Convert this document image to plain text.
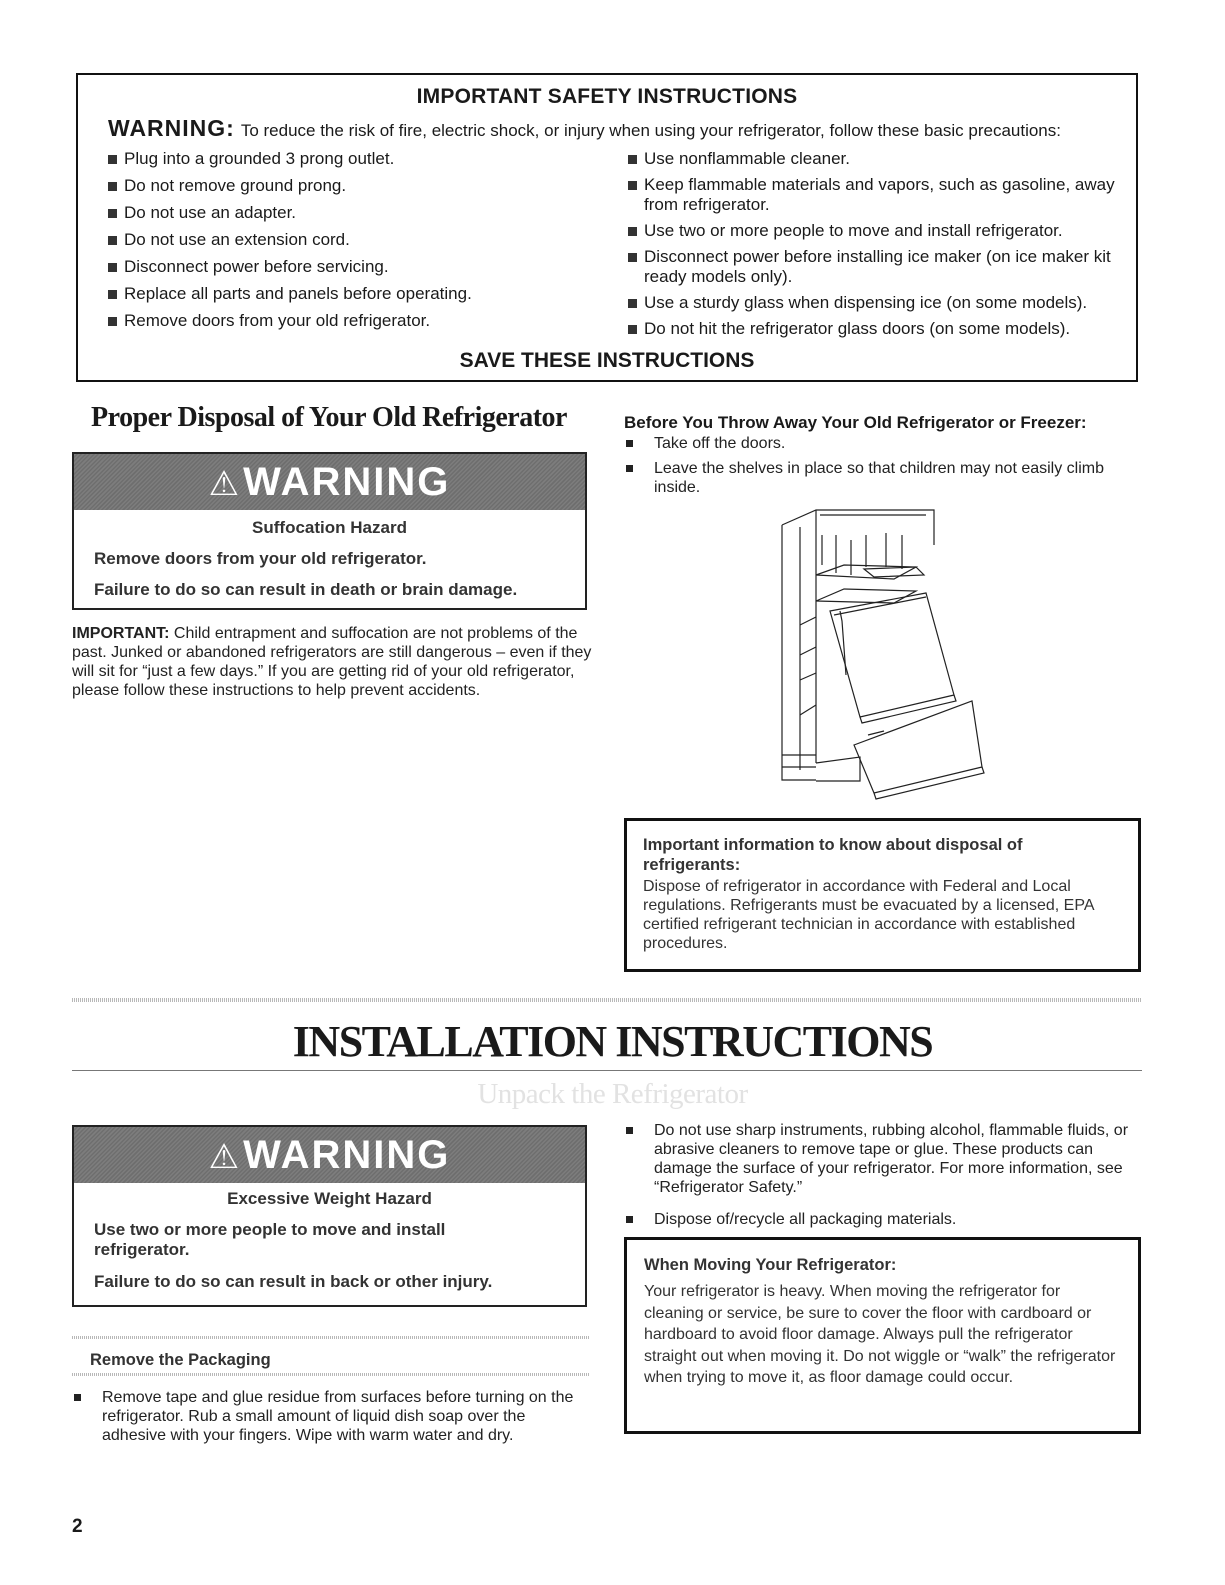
IMPORTANT SAFETY INSTRUCTIONS
WARNING: To reduce the risk of fire, electric shock, or injury when using your refrigerator, follow these basic precautions:
Plug into a grounded 3 prong outlet.
Do not remove ground prong.
Do not use an adapter.
Do not use an extension cord.
Disconnect power before servicing.
Replace all parts and panels before operating.
Remove doors from your old refrigerator.
Use nonflammable cleaner.
Keep flammable materials and vapors, such as gasoline, away from refrigerator.
Use two or more people to move and install refrigerator.
Disconnect power before installing ice maker (on ice maker kit ready models only).
Use a sturdy glass when dispensing ice (on some models).
Do not hit the refrigerator glass doors (on some models).
SAVE THESE INSTRUCTIONS
Proper Disposal of Your Old Refrigerator
⚠WARNING
Suffocation Hazard
Remove doors from your old refrigerator.
Failure to do so can result in death or brain damage.
IMPORTANT: Child entrapment and suffocation are not problems of the past. Junked or abandoned refrigerators are still dangerous – even if they will sit for “just a few days.” If you are getting rid of your old refrigerator, please follow these instructions to help prevent accidents.
Before You Throw Away Your Old Refrigerator or Freezer:
Take off the doors.
Leave the shelves in place so that children may not easily climb inside.
Important information to know about disposal of refrigerants:
Dispose of refrigerator in accordance with Federal and Local regulations. Refrigerants must be evacuated by a licensed, EPA certified refrigerant technician in accordance with established procedures.
INSTALLATION INSTRUCTIONS
Unpack the Refrigerator
⚠WARNING
Excessive Weight Hazard
Use two or more people to move and install refrigerator.
Failure to do so can result in back or other injury.
Remove the Packaging
Remove tape and glue residue from surfaces before turning on the refrigerator. Rub a small amount of liquid dish soap over the adhesive with your fingers. Wipe with warm water and dry.
Do not use sharp instruments, rubbing alcohol, flammable fluids, or abrasive cleaners to remove tape or glue. These products can damage the surface of your refrigerator. For more information, see “Refrigerator Safety.”
Dispose of/recycle all packaging materials.
When Moving Your Refrigerator:
Your refrigerator is heavy. When moving the refrigerator for cleaning or service, be sure to cover the floor with cardboard or hardboard to avoid floor damage. Always pull the refrigerator straight out when moving it. Do not wiggle or “walk” the refrigerator when trying to move it, as floor damage could occur.
2
